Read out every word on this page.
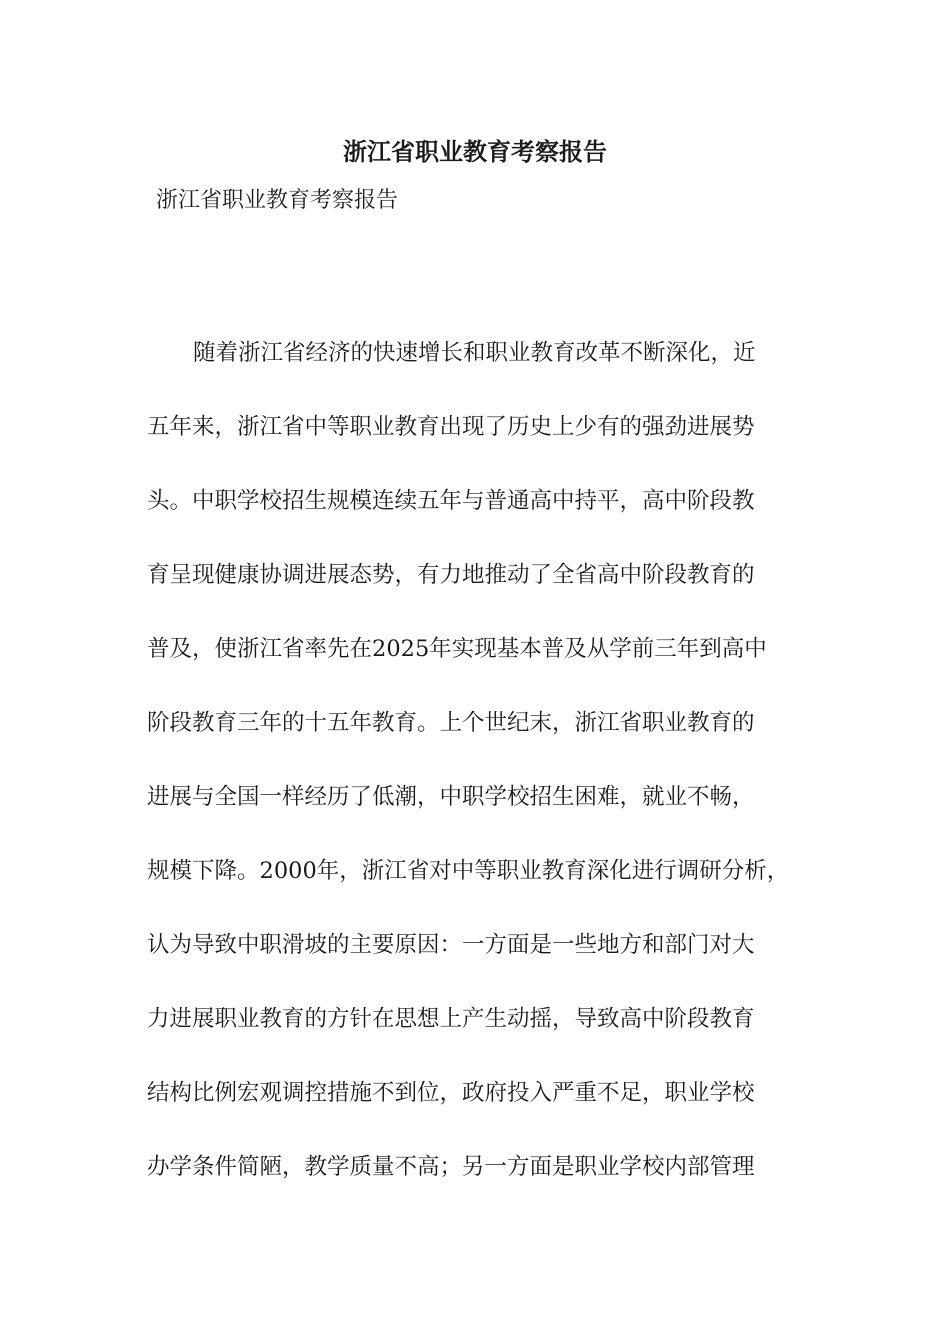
浙江省职业教育考察报告
浙江省职业教育考察报告
随着浙江省经济的快速增长和职业教育改革不断深化，近
五年来，浙江省中等职业教育出现了历史上少有的强劲进展势
头。中职学校招生规模连续五年与普通高中持平，高中阶段教
育呈现健康协调进展态势，有力地推动了全省高中阶段教育的
普及，使浙江省率先在2025年实现基本普及从学前三年到高中
阶段教育三年的十五年教育。上个世纪末，浙江省职业教育的
进展与全国一样经历了低潮，中职学校招生困难，就业不畅，
规模下降。2000年，浙江省对中等职业教育深化进行调研分析，
认为导致中职滑坡的主要原因：一方面是一些地方和部门对大
力进展职业教育的方针在思想上产生动摇，导致高中阶段教育
结构比例宏观调控措施不到位，政府投入严重不足，职业学校
办学条件简陋，教学质量不高；另一方面是职业学校内部管理
